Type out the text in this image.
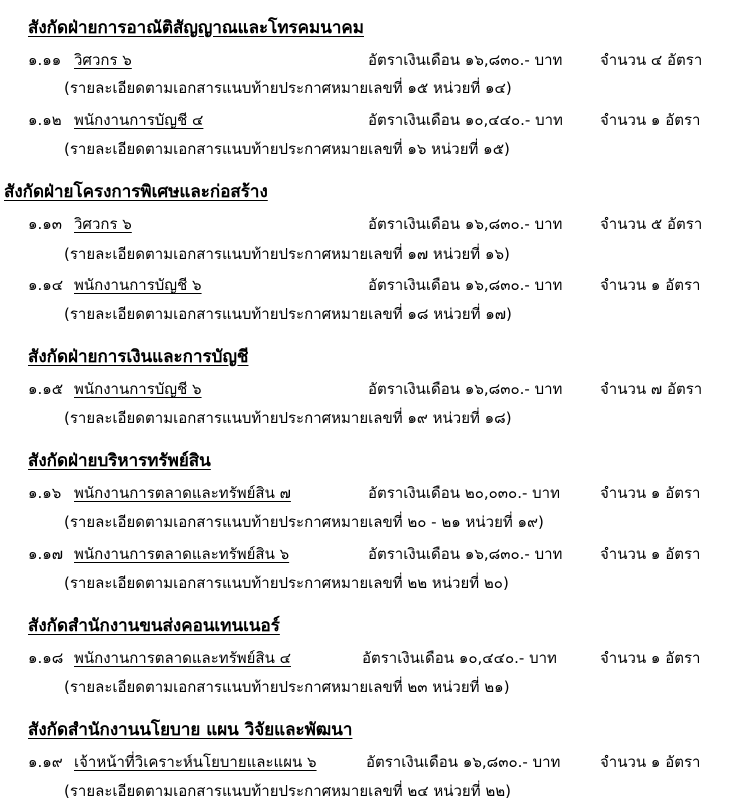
สังกัดฝ่ายการอาณัติสัญญาณและโทรคมนาคม
๑.๑๑ วิศวกร ๖	อัตราเงินเดือน ๑๖,๘๓๐.- บาท	จำนวน ๔ อัตรา
(รายละเอียดตามเอกสารแนบท้ายประกาศหมายเลขที่ ๑๕ หน่วยที่ ๑๔)
๑.๑๒ พนักงานการบัญชี ๔	อัตราเงินเดือน ๑๐,๔๔๐.- บาท จำนวน ๑ อัตรา
(รายละเอียดตามเอกสารแนบท้ายประกาศหมายเลขที่ ๑๖ หน่วยที่ ๑๕)
สังกัดฝ่ายโครงการพิเศษและก่อสร้าง
๑.๑๓ วิศวกร ๖	อัตราเงินเดือน ๑๖,๘๓๐.- บาท	จำนวน ๕ อัตรา
(รายละเอียดตามเอกสารแนบท้ายประกาศหมายเลขที่ ๑๗ หน่วยที่ ๑๖)
๑.๑๔ พนักงานการบัญชี ๖	อัตราเงินเดือน ๑๖,๘๓๐.- บาท	จำนวน ๑ อัตรา
(รายละเอียดตามเอกสารแนบท้ายประกาศหมายเลขที่ ๑๘ หน่วยที่ ๑๗)
สังกัดฝ่ายการเงินและการบัญชี
๑.๑๕ พนักงานการบัญชี ๖	อัตราเงินเดือน ๑๖,๘๓๐.- บาท	จำนวน ๗ อัตรา
(รายละเอียดตามเอกสารแนบท้ายประกาศหมายเลขที่ ๑๙ หน่วยที่ ๑๘)
สังกัดฝ่ายบริหารทรัพย์สิน
๑.๑๖ พนักงานการตลาดและทรัพย์สิน ๗	อัตราเงินเดือน ๒๐,๐๓๐.- บาท	จำนวน ๑ อัตรา
(รายละเอียดตามเอกสารแนบท้ายประกาศหมายเลขที่ ๒๐ - ๒๑ หน่วยที่ ๑๙)
๑.๑๗ พนักงานการตลาดและทรัพย์สิน ๖	อัตราเงินเดือน ๑๖,๘๓๐.- บาท	จำนวน ๑ อัตรา
(รายละเอียดตามเอกสารแนบท้ายประกาศหมายเลขที่ ๒๒ หน่วยที่ ๒๐)
สังกัดสำนักงานขนส่งคอนเทนเนอร์
๑.๑๘ พนักงานการตลาดและทรัพย์สิน ๔	อัตราเงินเดือน ๑๐,๔๔๐.- บาท	จำนวน ๑ อัตรา
(รายละเอียดตามเอกสารแนบท้ายประกาศหมายเลขที่ ๒๓ หน่วยที่ ๒๑)
สังกัดสำนักงานนโยบาย แผน วิจัยและพัฒนา
๑.๑๙ เจ้าหน้าที่วิเคราะห์นโยบายและแผน ๖	อัตราเงินเดือน ๑๖,๘๓๐.- บาท	จำนวน ๑ อัตรา
(รายละเอียดตามเอกสารแนบท้ายประกาศหมายเลขที่ ๒๔ หน่วยที่ ๒๒)
